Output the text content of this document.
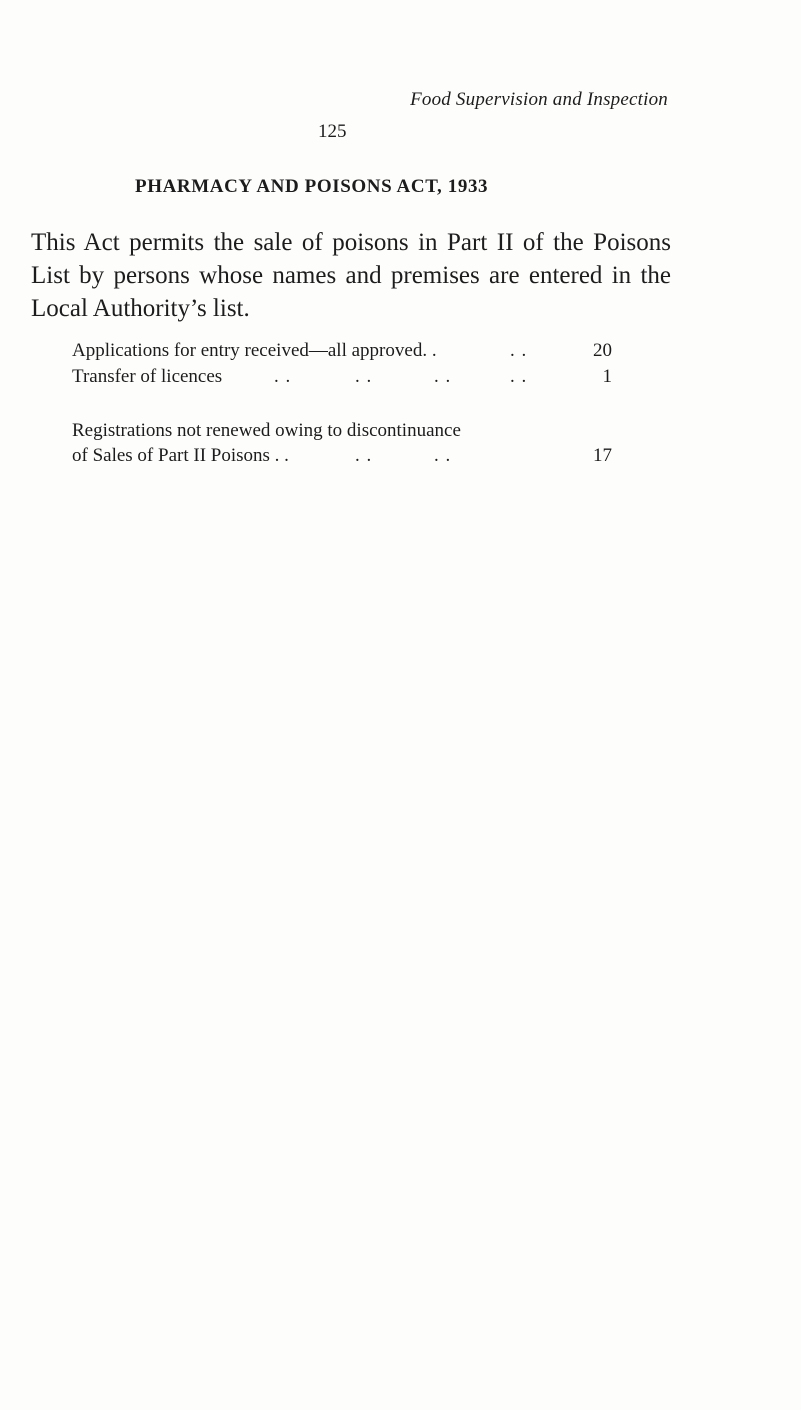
Food Supervision and Inspection
125
PHARMACY AND POISONS ACT, 1933
This Act permits the sale of poisons in Part II of the Poisons List by persons whose names and premises are entered in the Local Authority’s list.
Applications for entry received—all approved. .	. .	20
Transfer of licences	. .	. .	. .	. .	1
Registrations not renewed owing to discontinuance
of Sales of Part II Poisons . .	. .	. .	17
